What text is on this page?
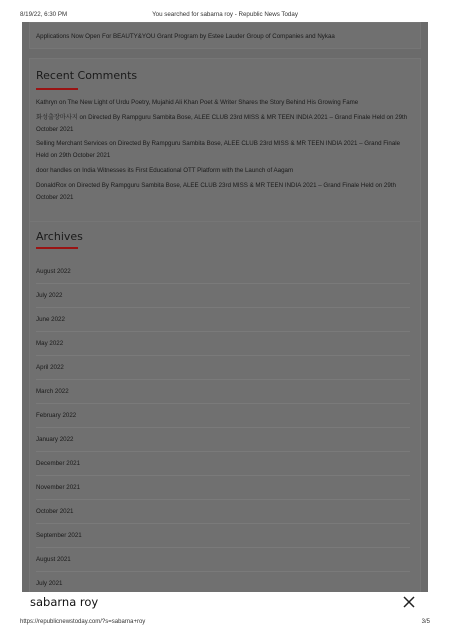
8/19/22, 6:30 PM	You searched for sabarna roy - Republic News Today
Applications Now Open For BEAUTY&YOU Grant Program by Estee Lauder Group of Companies and Nykaa
Recent Comments
Kathryn on The New Light of Urdu Poetry, Mujahid Ali Khan Poet & Writer Shares the Story Behind His Growing Fame
화성출장마사지 on Directed By Rampguru Sambita Bose, ALEE CLUB 23rd MISS & MR TEEN INDIA 2021 – Grand Finale Held on 29th October 2021
Selling Merchant Services on Directed By Rampguru Sambita Bose, ALEE CLUB 23rd MISS & MR TEEN INDIA 2021 – Grand Finale Held on 29th October 2021
door handles on India Witnesses its First Educational OTT Platform with the Launch of Aagam
DonaldRox on Directed By Rampguru Sambita Bose, ALEE CLUB 23rd MISS & MR TEEN INDIA 2021 – Grand Finale Held on 29th October 2021
Archives
August 2022
July 2022
June 2022
May 2022
April 2022
March 2022
February 2022
January 2022
December 2021
November 2021
October 2021
September 2021
August 2021
July 2021
sabarna roy
https://republicnewstoday.com/?s=sabarna+roy	3/5
